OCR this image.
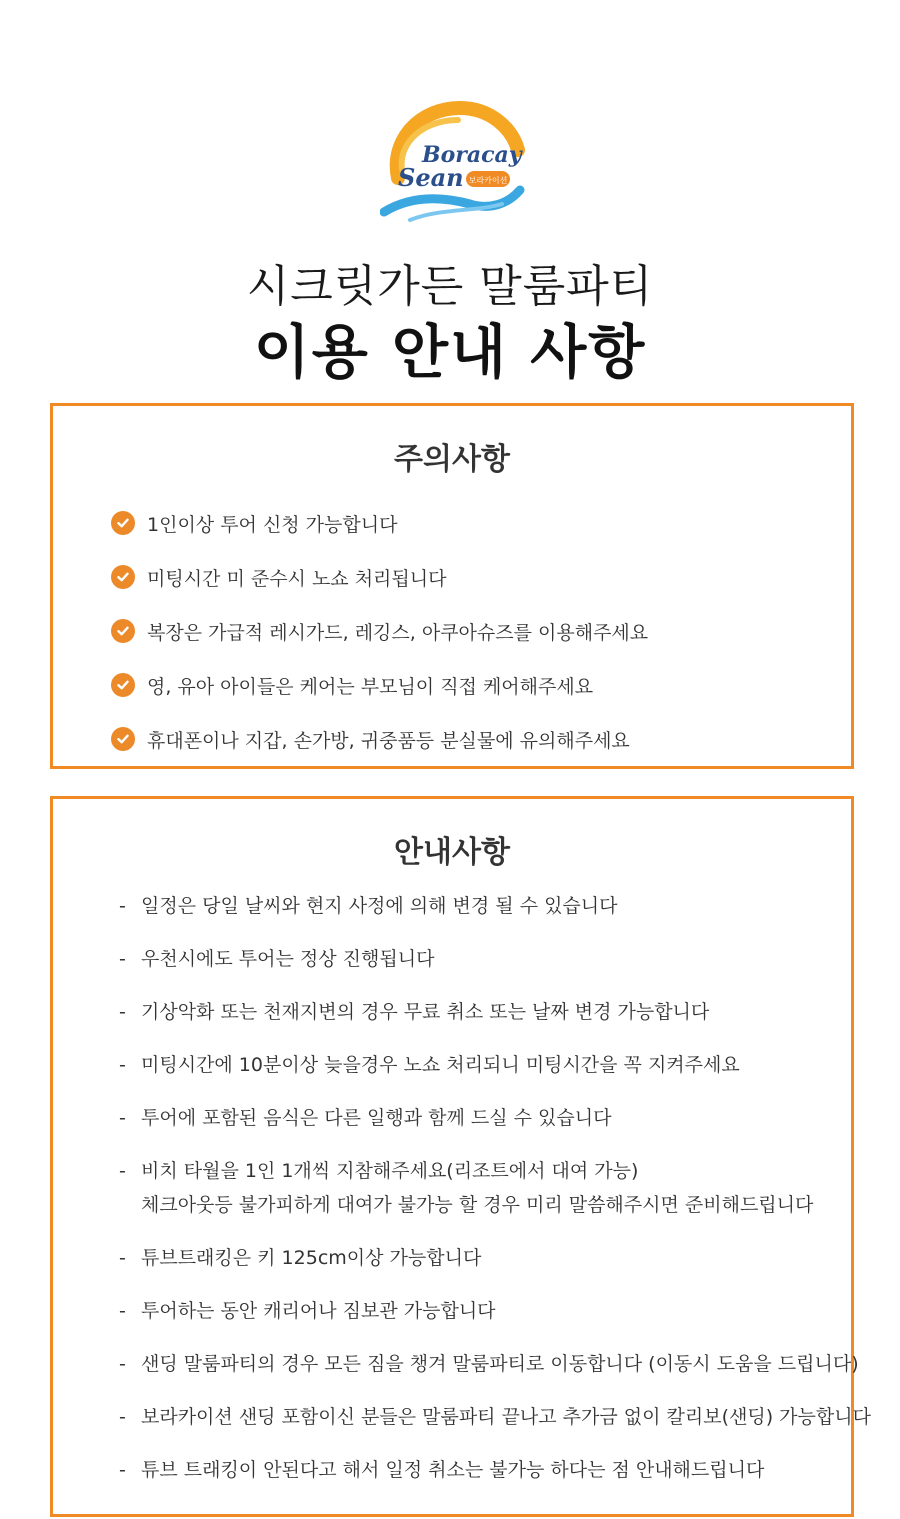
Boracay
Sean 보라카이션
시크릿가든 말룸파티
이용 안내 사항
주의사항
1인이상 투어 신청 가능합니다
미팅시간 미 준수시 노쇼 처리됩니다
복장은 가급적 레시가드, 레깅스, 아쿠아슈즈를 이용해주세요
영, 유아 아이들은 케어는 부모님이 직접 케어해주세요
휴대폰이나 지갑, 손가방, 귀중품등 분실물에 유의해주세요
안내사항
- 일정은 당일 날씨와 현지 사정에 의해 변경 될 수 있습니다
- 우천시에도 투어는 정상 진행됩니다
- 기상악화 또는 천재지변의 경우 무료 취소 또는 날짜 변경 가능합니다
- 미팅시간에 10분이상 늦을경우 노쇼 처리되니 미팅시간을 꼭 지켜주세요
- 투어에 포함된 음식은 다른 일행과 함께 드실 수 있습니다
- 비치 타월을 1인 1개씩 지참해주세요(리조트에서 대여 가능)
체크아웃등 불가피하게 대여가 불가능 할 경우 미리 말씀해주시면 준비해드립니다
- 튜브트래킹은 키 125cm이상 가능합니다
- 투어하는 동안 캐리어나 짐보관 가능합니다
- 샌딩 말룸파티의 경우 모든 짐을 챙겨 말룸파티로 이동합니다 (이동시 도움을 드립니다)
- 보라카이션 샌딩 포함이신 분들은 말룸파티 끝나고 추가금 없이 칼리보(샌딩) 가능합니다
- 튜브 트래킹이 안된다고 해서 일정 취소는 불가능 하다는 점 안내해드립니다
